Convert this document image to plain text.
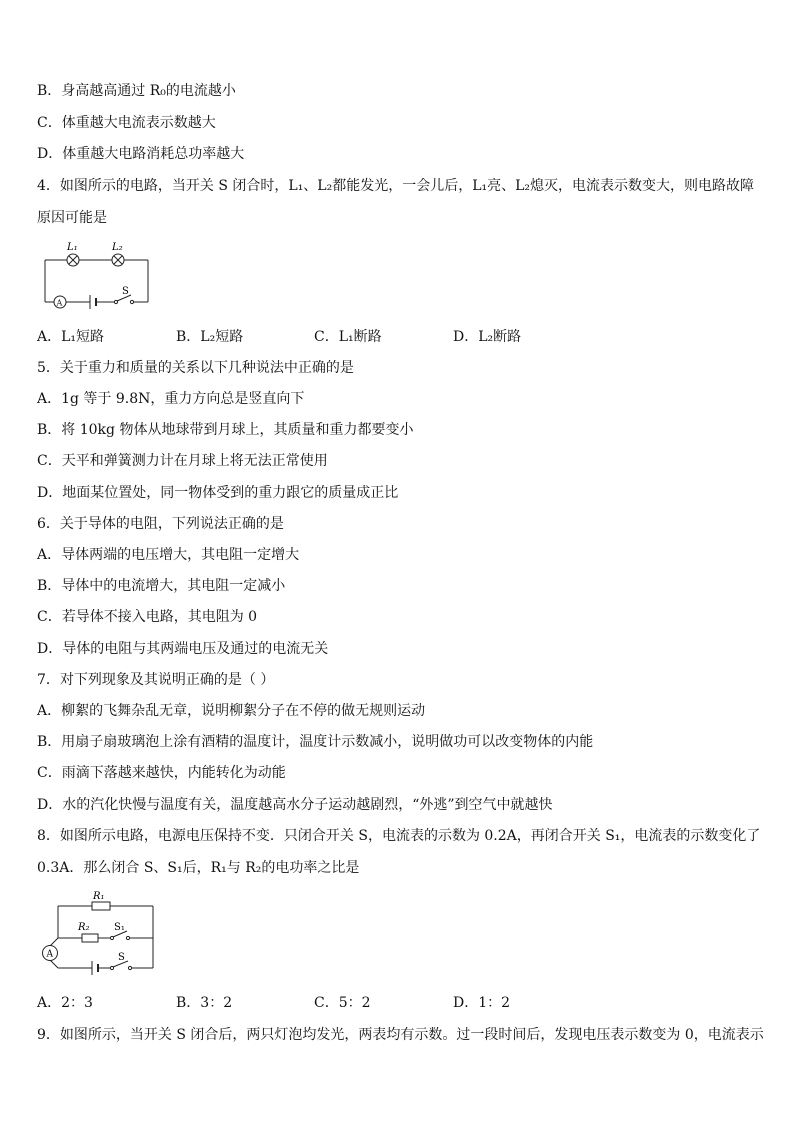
B．身高越高通过 R₀的电流越小
C．体重越大电流表示数越大
D．体重越大电路消耗总功率越大
4．如图所示的电路，当开关 S 闭合时，L₁、L₂都能发光，一会儿后，L₁亮、L₂熄灭，电流表示数变大，则电路故障
原因可能是
L₁	L₂
A
S
A．L₁短路	B．L₂短路	C．L₁断路	D．L₂断路
5．关于重力和质量的关系以下几种说法中正确的是
A．1g 等于 9.8N，重力方向总是竖直向下
B．将 10kg 物体从地球带到月球上，其质量和重力都要变小
C．天平和弹簧测力计在月球上将无法正常使用
D．地面某位置处，同一物体受到的重力跟它的质量成正比
6．关于导体的电阻，下列说法正确的是
A．导体两端的电压增大，其电阻一定增大
B．导体中的电流增大，其电阻一定减小
C．若导体不接入电路，其电阻为 0
D．导体的电阻与其两端电压及通过的电流无关
7．对下列现象及其说明正确的是（ ）
A．柳絮的飞舞杂乱无章，说明柳絮分子在不停的做无规则运动
B．用扇子扇玻璃泡上涂有酒精的温度计，温度计示数减小，说明做功可以改变物体的内能
C．雨滴下落越来越快，内能转化为动能
D．水的汽化快慢与温度有关，温度越高水分子运动越剧烈，“外逃”到空气中就越快
8．如图所示电路，电源电压保持不变．只闭合开关 S，电流表的示数为 0.2A，再闭合开关 S₁，电流表的示数变化了
0.3A．那么闭合 S、S₁后，R₁与 R₂的电功率之比是
R₁
R₂ S₁
A	S
A．2：3	B．3：2	C．5：2	D．1：2
9．如图所示，当开关 S 闭合后，两只灯泡均发光，两表均有示数。过一段时间后，发现电压表示数变为 0，电流表示
